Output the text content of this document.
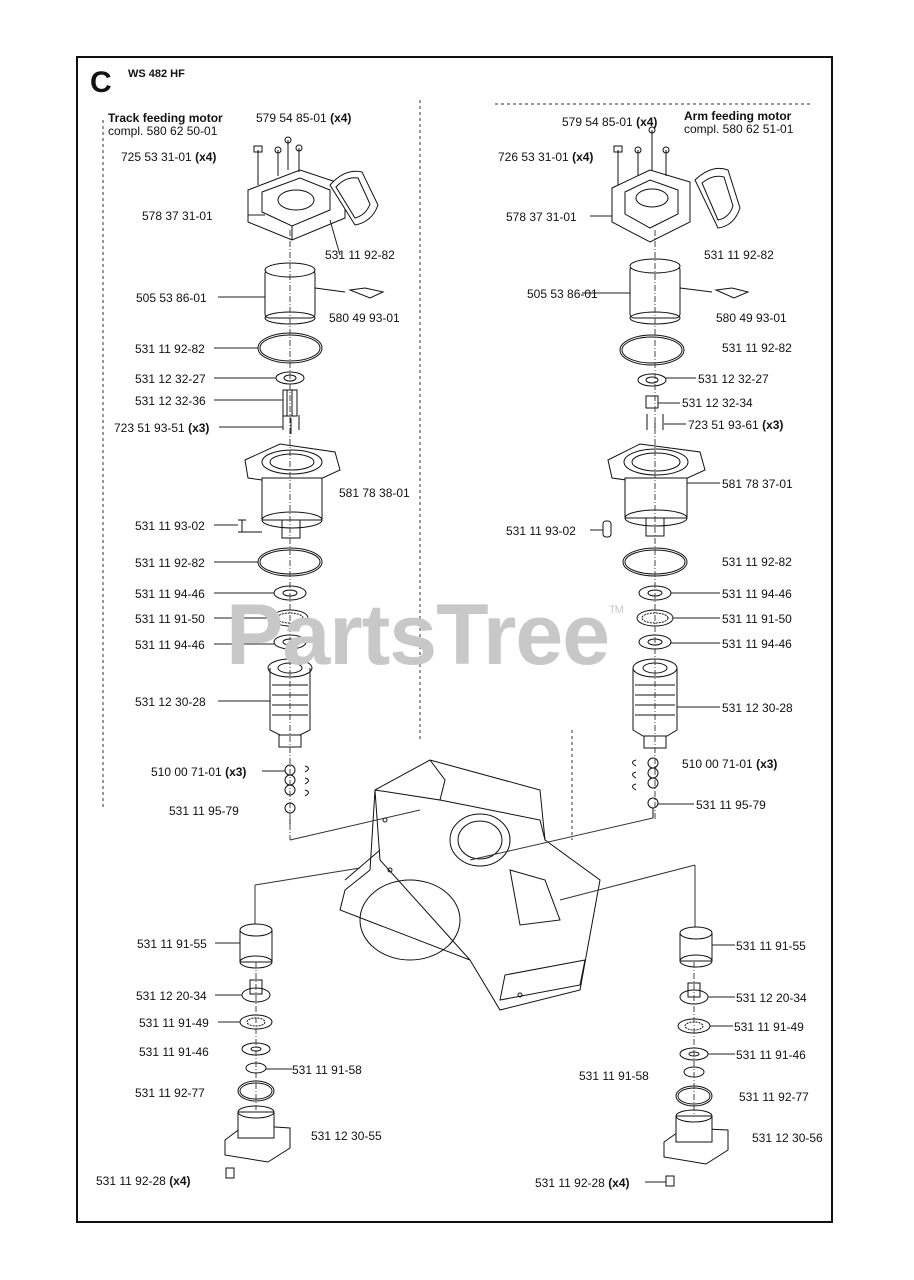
C WS 482 HF
PartsTree™
Track feeding motor
compl. 580 62 50-01
Arm feeding motor
compl. 580 62 51-01
579 54 85-01 (x4)
725 53 31-01 (x4)
578 37 31-01
531 11 92-82
505 53 86-01
580 49 93-01
531 11 92-82
531 12 32-27
531 12 32-36
723 51 93-51 (x3)
581 78 38-01
531 11 93-02
531 11 92-82
531 11 94-46
531 11 91-50
531 11 94-46
531 12 30-28
510 00 71-01 (x3)
531 11 95-79
579 54 85-01 (x4)
726 53 31-01 (x4)
578 37 31-01
531 11 92-82
505 53 86-01
580 49 93-01
531 11 92-82
531 12 32-27
531 12 32-34
723 51 93-61 (x3)
581 78 37-01
531 11 93-02
531 11 92-82
531 11 94-46
531 11 91-50
531 11 94-46
531 12 30-28
510 00 71-01 (x3)
531 11 95-79
531 11 91-55
531 12 20-34
531 11 91-49
531 11 91-46
531 11 91-58
531 11 92-77
531 12 30-55
531 11 92-28 (x4)
531 11 91-55
531 12 20-34
531 11 91-49
531 11 91-46
531 11 91-58
531 11 92-77
531 12 30-56
531 11 92-28 (x4)
